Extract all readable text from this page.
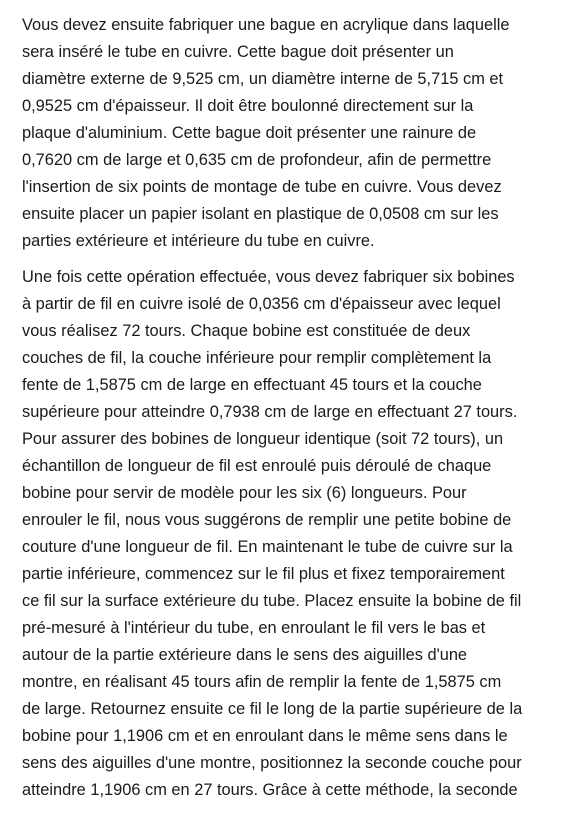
Vous devez ensuite fabriquer une bague en acrylique dans laquelle
sera inséré le tube en cuivre. Cette bague doit présenter un
diamètre externe de 9,525 cm, un diamètre interne de 5,715 cm et
0,9525 cm d'épaisseur. Il doit être boulonné directement sur la
plaque d'aluminium. Cette bague doit présenter une rainure de
0,7620 cm de large et 0,635 cm de profondeur, afin de permettre
l'insertion de six points de montage de tube en cuivre. Vous devez
ensuite placer un papier isolant en plastique de 0,0508 cm sur les
parties extérieure et intérieure du tube en cuivre.

Une fois cette opération effectuée, vous devez fabriquer six bobines
à partir de fil en cuivre isolé de 0,0356 cm d'épaisseur avec lequel
vous réalisez 72 tours. Chaque bobine est constituée de deux
couches de fil, la couche inférieure pour remplir complètement la
fente de 1,5875 cm de large en effectuant 45 tours et la couche
supérieure pour atteindre 0,7938 cm de large en effectuant 27 tours.
Pour assurer des bobines de longueur identique (soit 72 tours), un
échantillon de longueur de fil est enroulé puis déroulé de chaque
bobine pour servir de modèle pour les six (6) longueurs. Pour
enrouler le fil, nous vous suggérons de remplir une petite bobine de
couture d'une longueur de fil. En maintenant le tube de cuivre sur la
partie inférieure, commencez sur le fil plus et fixez temporairement
ce fil sur la surface extérieure du tube. Placez ensuite la bobine de fil
pré-mesuré à l'intérieur du tube, en enroulant le fil vers le bas et
autour de la partie extérieure dans le sens des aiguilles d'une
montre, en réalisant 45 tours afin de remplir la fente de 1,5875 cm
de large. Retournez ensuite ce fil le long de la partie supérieure de la
bobine pour 1,1906 cm et en enroulant dans le même sens dans le
sens des aiguilles d'une montre, positionnez la seconde couche pour
atteindre 1,1906 cm en 27 tours. Grâce à cette méthode, la seconde
